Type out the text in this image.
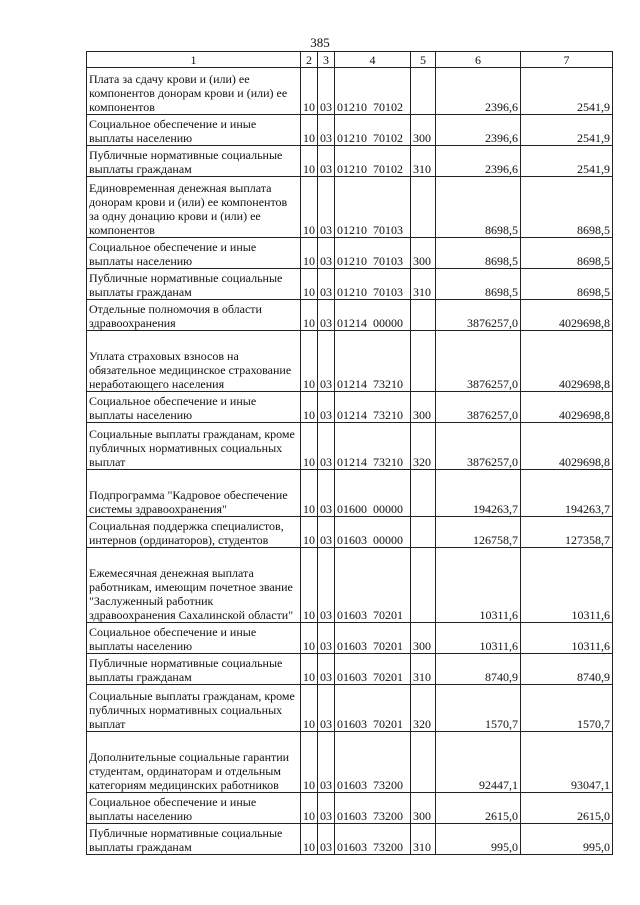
385
1	2	3	4	5	6	7
Плата за сдачу крови и (или) ее компонентов донорам крови и (или) ее компонентов	10	03	01210  70102		2396,6	2541,9
Социальное обеспечение и иные выплаты населению	10	03	01210  70102	300	2396,6	2541,9
Публичные нормативные социальные выплаты гражданам	10	03	01210  70102	310	2396,6	2541,9
Единовременная денежная выплата донорам крови и (или) ее компонентов за одну донацию крови и (или) ее компонентов	10	03	01210  70103		8698,5	8698,5
Социальное обеспечение и иные выплаты населению	10	03	01210  70103	300	8698,5	8698,5
Публичные нормативные социальные выплаты гражданам	10	03	01210  70103	310	8698,5	8698,5
Отдельные полномочия в области здравоохранения	10	03	01214  00000		3876257,0	4029698,8
Уплата страховых взносов на обязательное медицинское страхование неработающего населения	10	03	01214  73210		3876257,0	4029698,8
Социальное обеспечение и иные выплаты населению	10	03	01214  73210	300	3876257,0	4029698,8
Социальные выплаты гражданам, кроме публичных нормативных социальных выплат	10	03	01214  73210	320	3876257,0	4029698,8
Подпрограмма "Кадровое обеспечение системы здравоохранения"	10	03	01600  00000		194263,7	194263,7
Социальная поддержка специалистов, интернов (ординаторов), студентов	10	03	01603  00000		126758,7	127358,7
Ежемесячная денежная выплата работникам, имеющим почетное звание "Заслуженный работник здравоохранения Сахалинской области"	10	03	01603  70201		10311,6	10311,6
Социальное обеспечение и иные выплаты населению	10	03	01603  70201	300	10311,6	10311,6
Публичные нормативные социальные выплаты гражданам	10	03	01603  70201	310	8740,9	8740,9
Социальные выплаты гражданам, кроме публичных нормативных социальных выплат	10	03	01603  70201	320	1570,7	1570,7
Дополнительные социальные гарантии студентам, ординаторам и отдельным категориям медицинских работников	10	03	01603  73200		92447,1	93047,1
Социальное обеспечение и иные выплаты населению	10	03	01603  73200	300	2615,0	2615,0
Публичные нормативные социальные выплаты гражданам	10	03	01603  73200	310	995,0	995,0
